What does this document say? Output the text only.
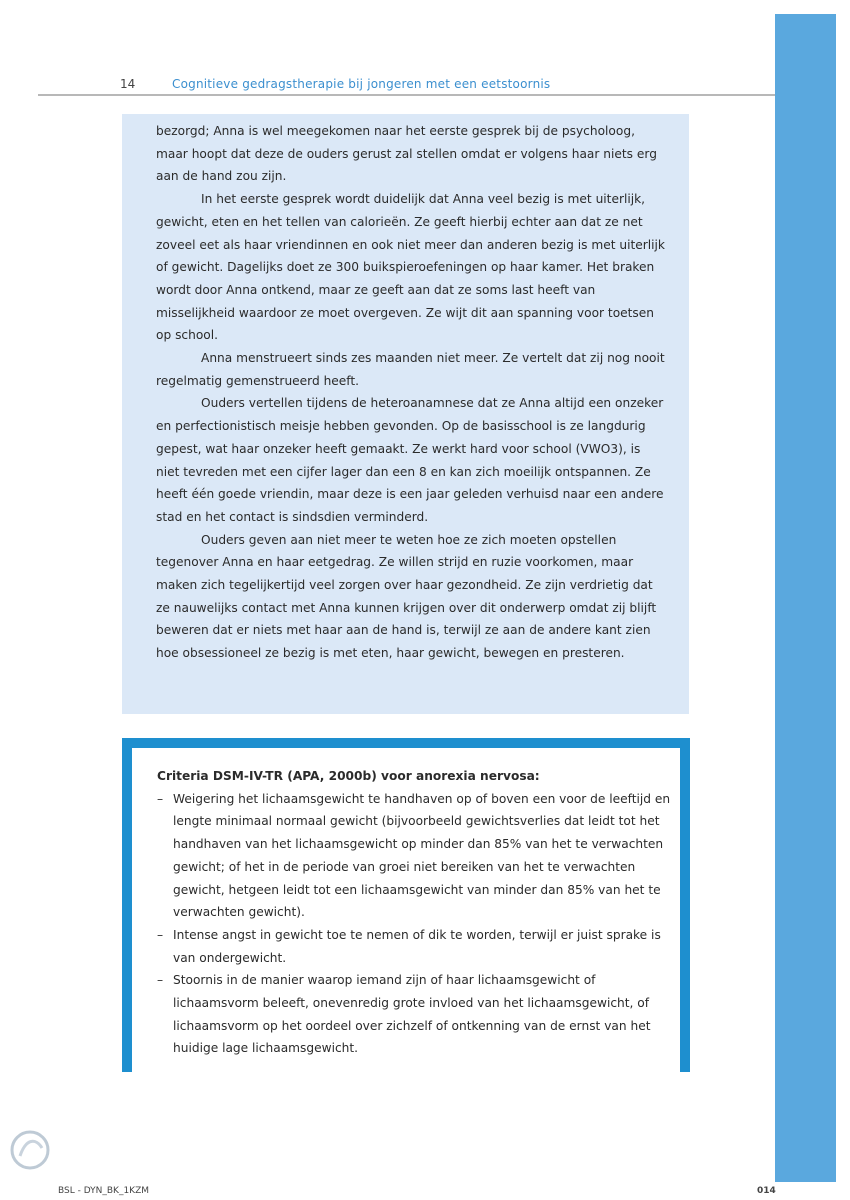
14	Cognitieve gedragstherapie bij jongeren met een eetstoornis

bezorgd; Anna is wel meegekomen naar het eerste gesprek bij de psycholoog, maar hoopt dat deze de ouders gerust zal stellen omdat er volgens haar niets erg aan de hand zou zijn.

In het eerste gesprek wordt duidelijk dat Anna veel bezig is met uiterlijk, gewicht, eten en het tellen van calorieën. Ze geeft hierbij echter aan dat ze net zoveel eet als haar vriendinnen en ook niet meer dan anderen bezig is met uiterlijk of gewicht. Dagelijks doet ze 300 buikspieroefeningen op haar kamer. Het braken wordt door Anna ontkend, maar ze geeft aan dat ze soms last heeft van misselijkheid waardoor ze moet overgeven. Ze wijt dit aan spanning voor toetsen op school.

Anna menstrueert sinds zes maanden niet meer. Ze vertelt dat zij nog nooit regelmatig gemenstrueerd heeft.

Ouders vertellen tijdens de heteroanamnese dat ze Anna altijd een onzeker en perfectionistisch meisje hebben gevonden. Op de basisschool is ze langdurig gepest, wat haar onzeker heeft gemaakt. Ze werkt hard voor school (VWO3), is niet tevreden met een cijfer lager dan een 8 en kan zich moeilijk ontspannen. Ze heeft één goede vriendin, maar deze is een jaar geleden verhuisd naar een andere stad en het contact is sindsdien verminderd.

Ouders geven aan niet meer te weten hoe ze zich moeten opstellen tegenover Anna en haar eetgedrag. Ze willen strijd en ruzie voorkomen, maar maken zich tegelijkertijd veel zorgen over haar gezondheid. Ze zijn verdrietig dat ze nauwelijks contact met Anna kunnen krijgen over dit onderwerp omdat zij blijft beweren dat er niets met haar aan de hand is, terwijl ze aan de andere kant zien hoe obsessioneel ze bezig is met eten, haar gewicht, bewegen en presteren.

Criteria DSM-IV-TR (APA, 2000b) voor anorexia nervosa:

– Weigering het lichaamsgewicht te handhaven op of boven een voor de leeftijd en lengte minimaal normaal gewicht (bijvoorbeeld gewichtsverlies dat leidt tot het handhaven van het lichaamsgewicht op minder dan 85% van het te verwachten gewicht; of het in de periode van groei niet bereiken van het te verwachten gewicht, hetgeen leidt tot een lichaamsgewicht van minder dan 85% van het te verwachten gewicht).
– Intense angst in gewicht toe te nemen of dik te worden, terwijl er juist sprake is van ondergewicht.
– Stoornis in de manier waarop iemand zijn of haar lichaamsgewicht of lichaamsvorm beleeft, onevenredig grote invloed van het lichaamsgewicht, of lichaamsvorm op het oordeel over zichzelf of ontkenning van de ernst van het huidige lage lichaamsgewicht.
BSL - DYN_BK_1KZM	014
